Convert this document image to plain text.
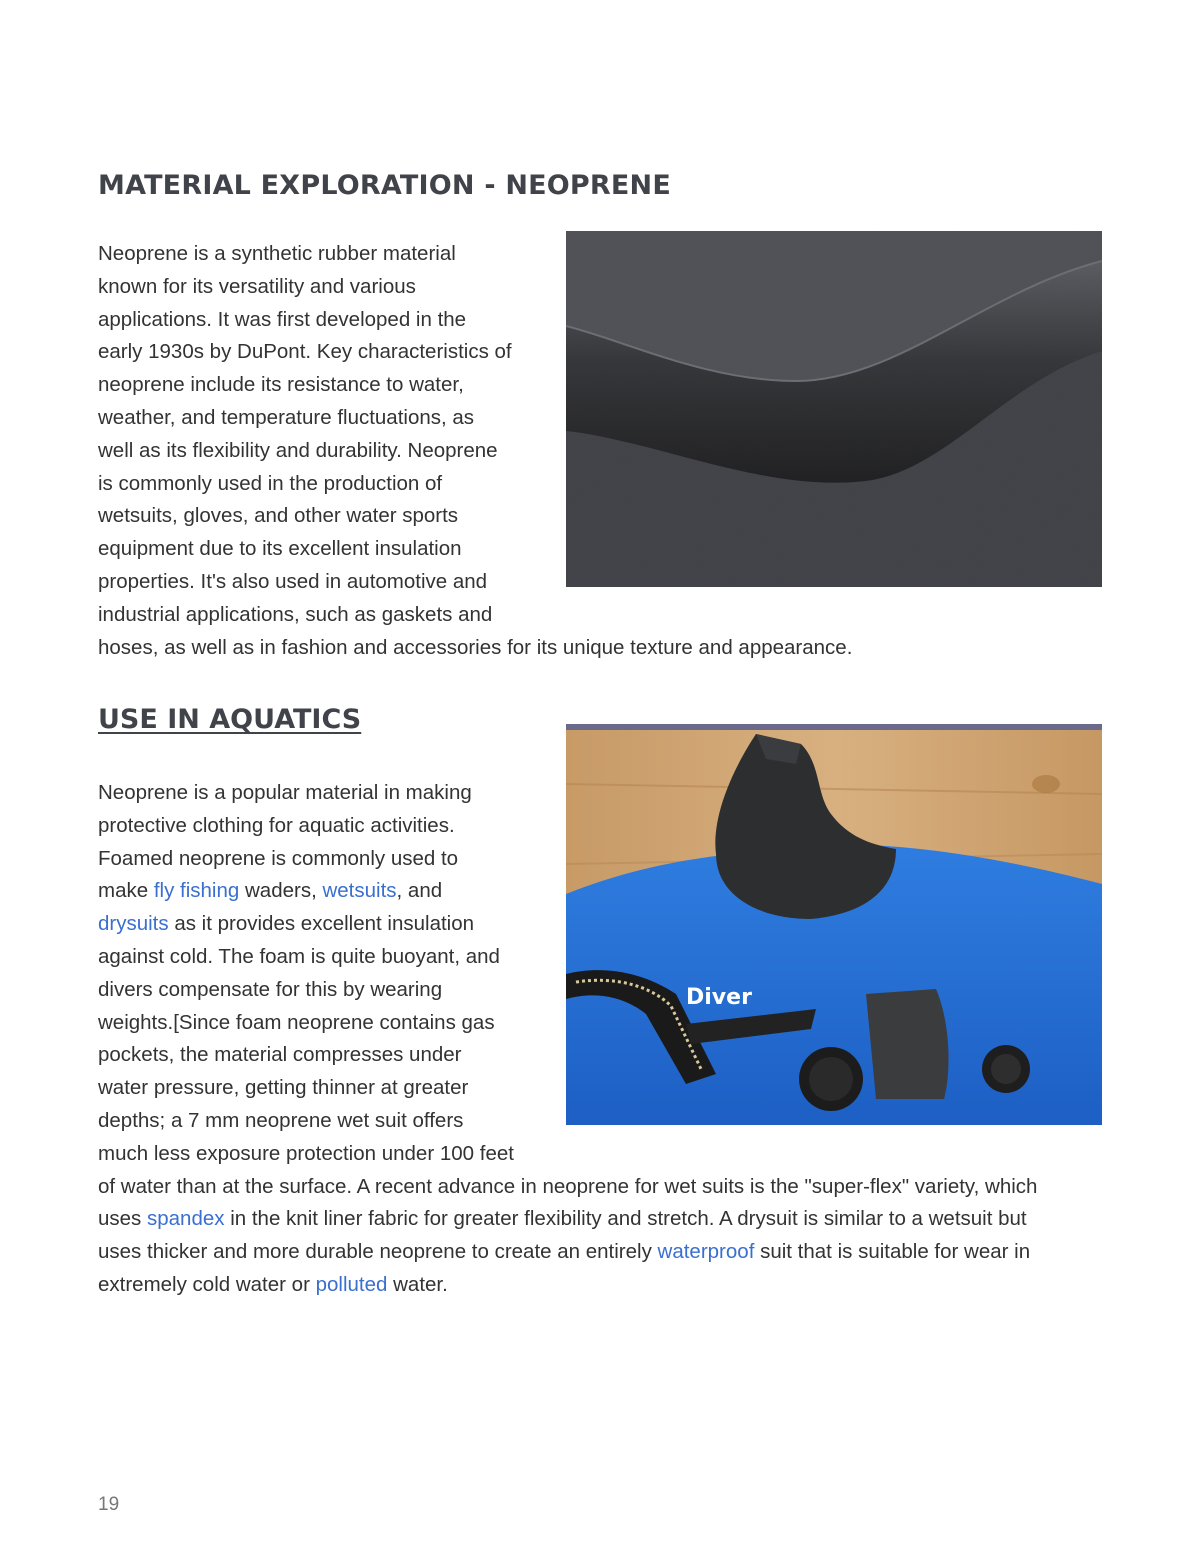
MATERIAL EXPLORATION - NEOPRENE
Neoprene is a synthetic rubber material
known for its versatility and various
applications. It was first developed in the
early 1930s by DuPont. Key characteristics of
neoprene include its resistance to water,
weather, and temperature fluctuations, as
well as its flexibility and durability. Neoprene
is commonly used in the production of
wetsuits, gloves, and other water sports
equipment due to its excellent insulation
properties. It's also used in automotive and
industrial applications, such as gaskets and
hoses, as well as in fashion and accessories for its unique texture and appearance.
USE IN AQUATICS
Diver
Neoprene is a popular material in making
protective clothing for aquatic activities.
Foamed neoprene is commonly used to
make fly fishing waders, wetsuits, and
drysuits as it provides excellent insulation
against cold. The foam is quite buoyant, and
divers compensate for this by wearing
weights.[Since foam neoprene contains gas
pockets, the material compresses under
water pressure, getting thinner at greater
depths; a 7 mm neoprene wet suit offers
much less exposure protection under 100 feet
of water than at the surface. A recent advance in neoprene for wet suits is the "super-flex" variety, which
uses spandex in the knit liner fabric for greater flexibility and stretch. A drysuit is similar to a wetsuit but
uses thicker and more durable neoprene to create an entirely waterproof suit that is suitable for wear in
extremely cold water or polluted water.
19
